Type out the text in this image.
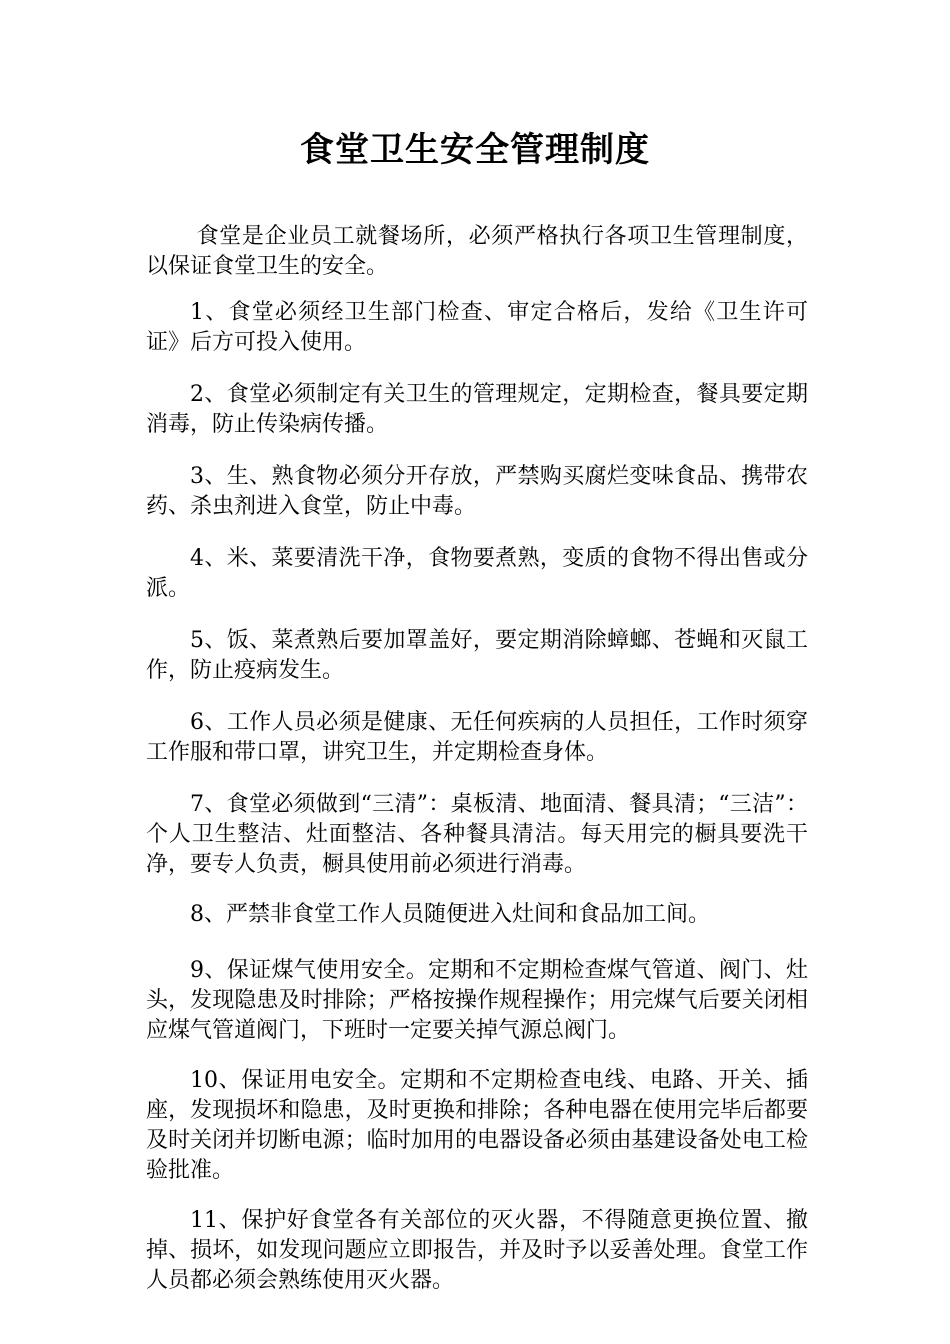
食堂卫生安全管理制度

食堂是企业员工就餐场所，必须严格执行各项卫生管理制度，以保证食堂卫生的安全。

1、食堂必须经卫生部门检查、审定合格后，发给《卫生许可证》后方可投入使用。

2、食堂必须制定有关卫生的管理规定，定期检查，餐具要定期消毒，防止传染病传播。

3、生、熟食物必须分开存放，严禁购买腐烂变味食品、携带农药、杀虫剂进入食堂，防止中毒。

4、米、菜要清洗干净，食物要煮熟，变质的食物不得出售或分派。

5、饭、菜煮熟后要加罩盖好，要定期消除蟑螂、苍蝇和灭鼠工作，防止疫病发生。

6、工作人员必须是健康、无任何疾病的人员担任，工作时须穿工作服和带口罩，讲究卫生，并定期检查身体。

7、食堂必须做到“三清”：桌板清、地面清、餐具清；“三洁”：个人卫生整洁、灶面整洁、各种餐具清洁。每天用完的橱具要洗干净，要专人负责，橱具使用前必须进行消毒。

8、严禁非食堂工作人员随便进入灶间和食品加工间。

9、保证煤气使用安全。定期和不定期检查煤气管道、阀门、灶头，发现隐患及时排除；严格按操作规程操作；用完煤气后要关闭相应煤气管道阀门，下班时一定要关掉气源总阀门。

10、保证用电安全。定期和不定期检查电线、电路、开关、插座，发现损坏和隐患，及时更换和排除；各种电器在使用完毕后都要及时关闭并切断电源；临时加用的电器设备必须由基建设备处电工检验批准。

11、保护好食堂各有关部位的灭火器，不得随意更换位置、撤掉、损坏，如发现问题应立即报告，并及时予以妥善处理。食堂工作人员都必须会熟练使用灭火器。
